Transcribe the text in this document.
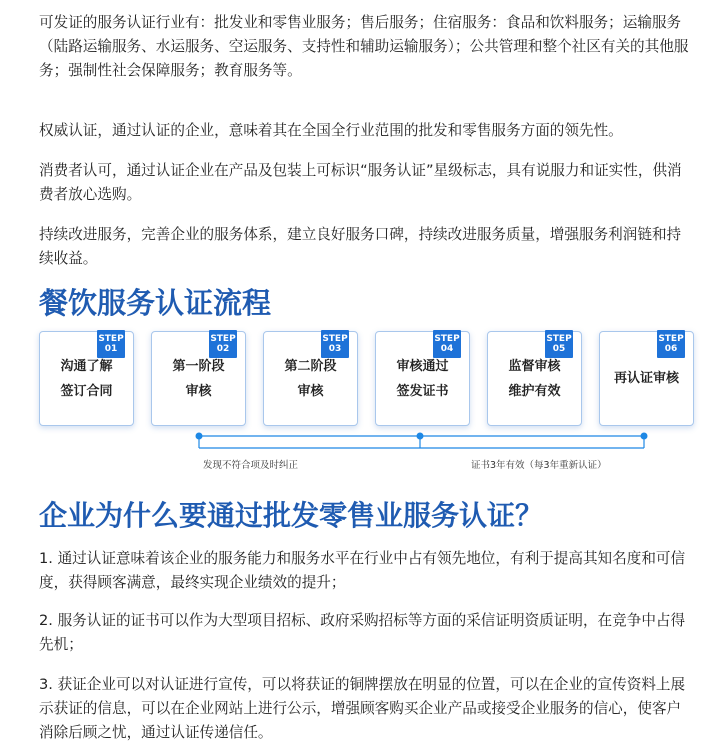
可发证的服务认证行业有：批发业和零售业服务；售后服务；住宿服务：食品和饮料服务；运输服务（陆路运输服务、水运服务、空运服务、支持性和辅助运输服务）；公共管理和整个社区有关的其他服务；强制性社会保障服务；教育服务等。

权威认证，通过认证的企业，意味着其在全国全行业范围的批发和零售服务方面的领先性。

消费者认可，通过认证企业在产品及包装上可标识“服务认证”星级标志，具有说服力和证实性，供消费者放心选购。

持续改进服务，完善企业的服务体系，建立良好服务口碑，持续改进服务质量，增强服务利润链和持续收益。

餐饮服务认证流程
STEP
01
沟通了解
签订合同
STEP
02
第一阶段
审核
STEP
03
第二阶段
审核
STEP
04
审核通过
签发证书
STEP
05
监督审核
维护有效
STEP
06
再认证审核
发现不符合项及时纠正	证书3年有效（每3年重新认证）
企业为什么要通过批发零售业服务认证？

1. 通过认证意味着该企业的服务能力和服务水平在行业中占有领先地位，有利于提高其知名度和可信度，获得顾客满意，最终实现企业绩效的提升；

2. 服务认证的证书可以作为大型项目招标、政府采购招标等方面的采信证明资质证明，在竞争中占得先机；

3. 获证企业可以对认证进行宣传，可以将获证的铜牌摆放在明显的位置，可以在企业的宣传资料上展示获证的信息，可以在企业网站上进行公示，增强顾客购买企业产品或接受企业服务的信心，使客户消除后顾之忧，通过认证传递信任。
